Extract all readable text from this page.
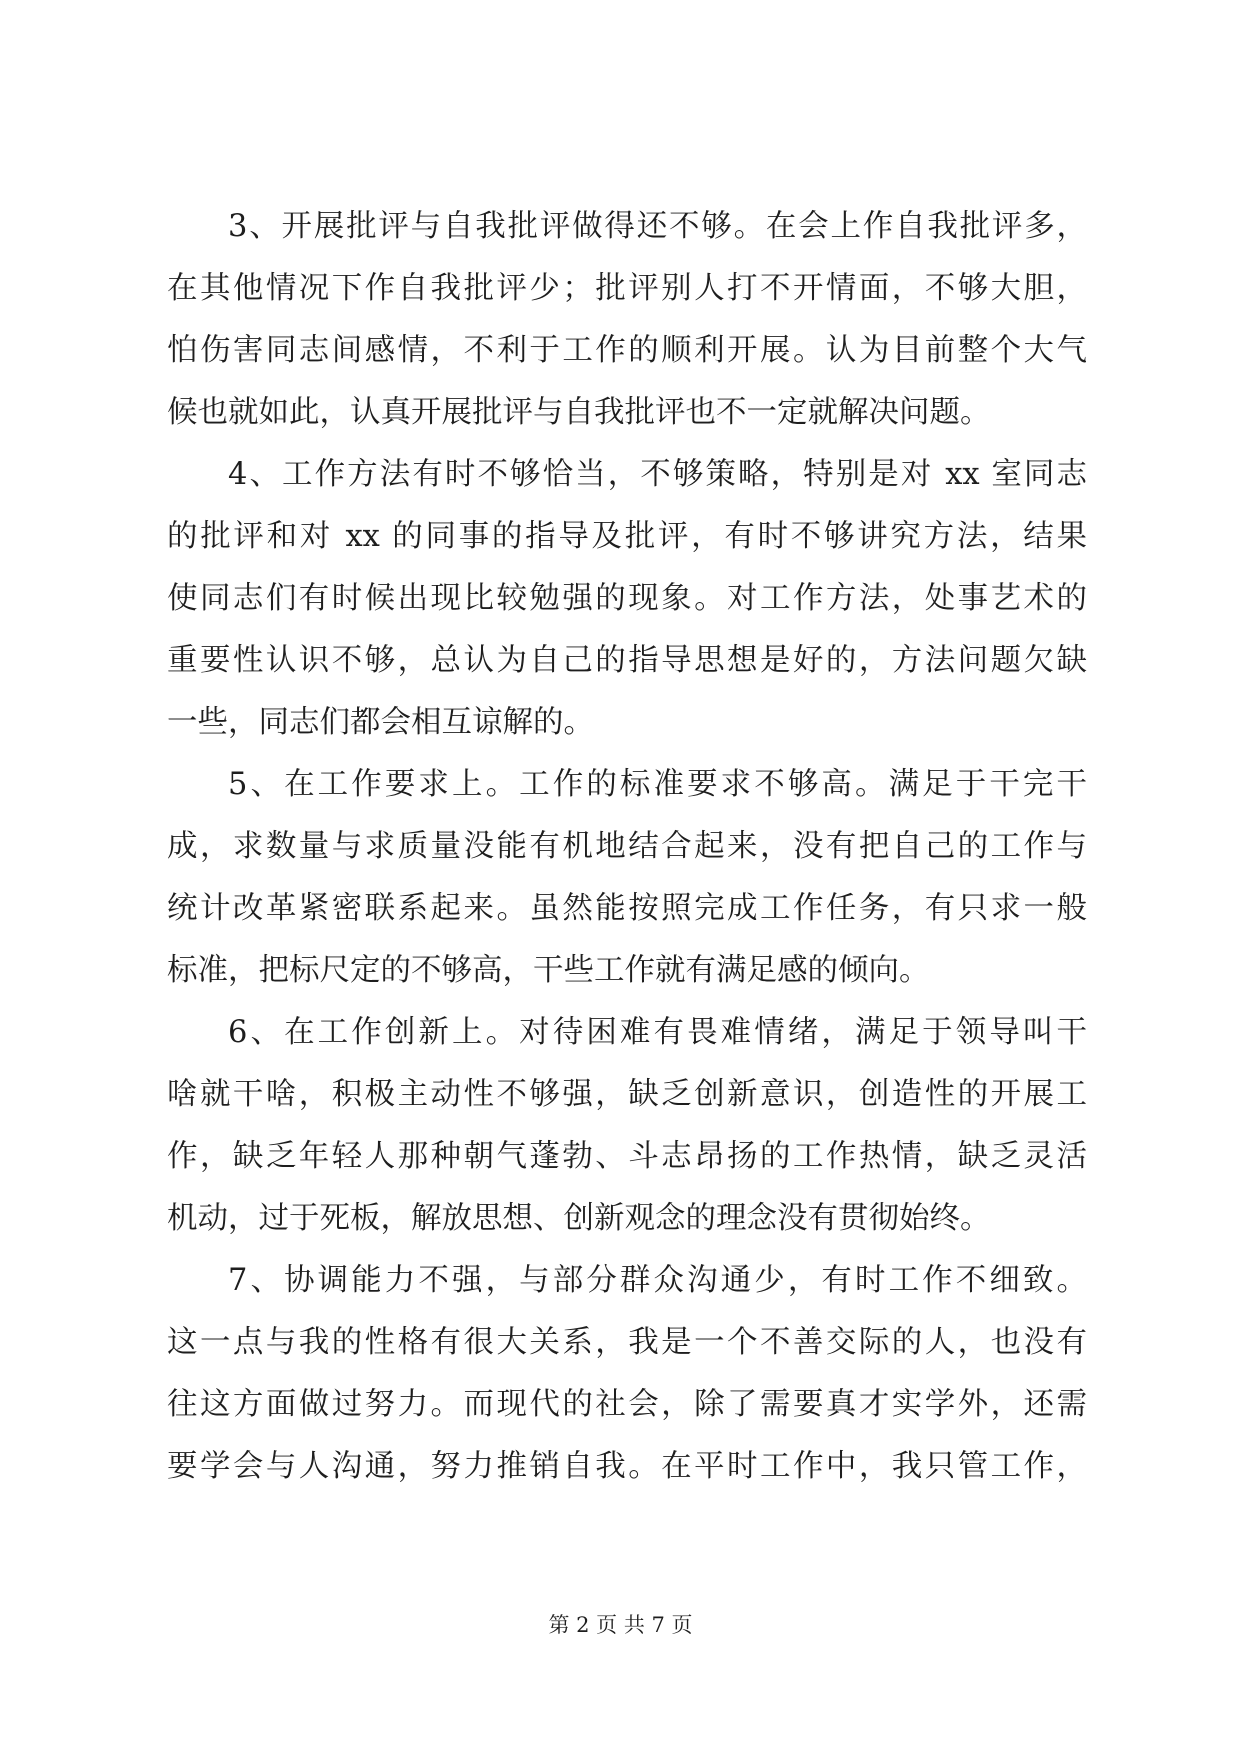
3、开展批评与自我批评做得还不够。在会上作自我批评多，
在其他情况下作自我批评少；批评别人打不开情面，不够大胆，
怕伤害同志间感情，不利于工作的顺利开展。认为目前整个大气
候也就如此，认真开展批评与自我批评也不一定就解决问题。
4、工作方法有时不够恰当，不够策略，特别是对 xx 室同志
的批评和对 xx 的同事的指导及批评，有时不够讲究方法，结果
使同志们有时候出现比较勉强的现象。对工作方法，处事艺术的
重要性认识不够，总认为自己的指导思想是好的，方法问题欠缺
一些，同志们都会相互谅解的。
5、在工作要求上。工作的标准要求不够高。满足于干完干
成，求数量与求质量没能有机地结合起来，没有把自己的工作与
统计改革紧密联系起来。虽然能按照完成工作任务，有只求一般
标准，把标尺定的不够高，干些工作就有满足感的倾向。
6、在工作创新上。对待困难有畏难情绪，满足于领导叫干
啥就干啥，积极主动性不够强，缺乏创新意识，创造性的开展工
作，缺乏年轻人那种朝气蓬勃、斗志昂扬的工作热情，缺乏灵活
机动，过于死板，解放思想、创新观念的理念没有贯彻始终。
7、协调能力不强，与部分群众沟通少，有时工作不细致。
这一点与我的性格有很大关系，我是一个不善交际的人，也没有
往这方面做过努力。而现代的社会，除了需要真才实学外，还需
要学会与人沟通，努力推销自我。在平时工作中，我只管工作，
第 2 页 共 7 页
